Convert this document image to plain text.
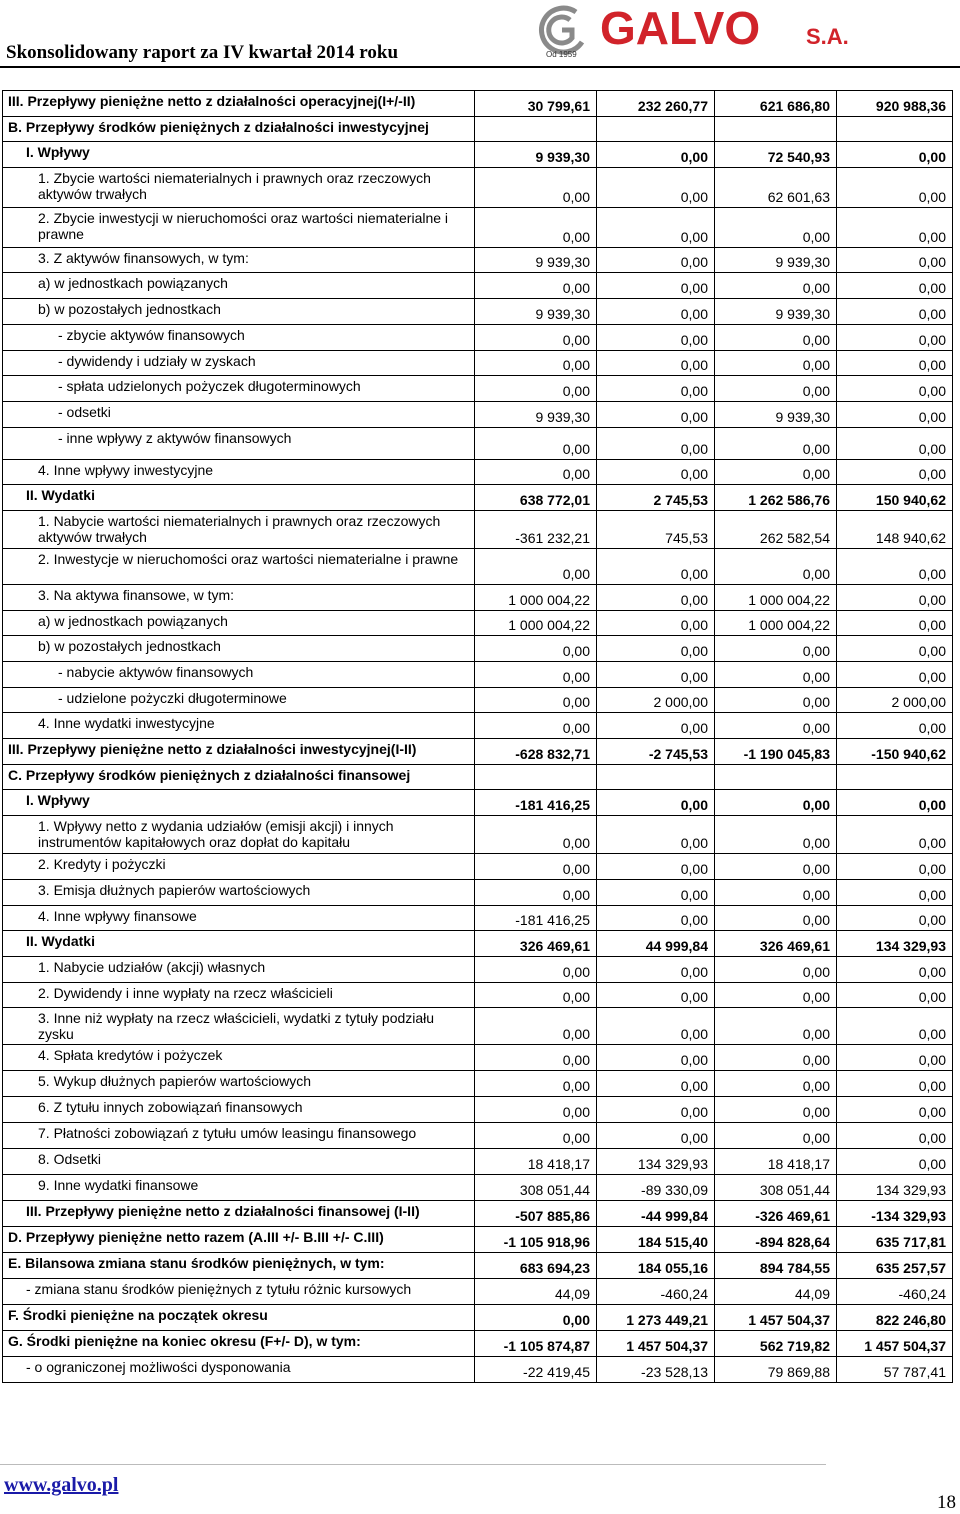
Skonsolidowany raport za IV kwartał 2014 roku	GALVO S.A.
Od 1959
III. Przepływy pieniężne netto z działalności operacyjnej(I+/-II)	30 799,61	232 260,77	621 686,80	920 988,36
B. Przepływy środków pieniężnych z działalności inwestycyjnej				
I. Wpływy	9 939,30	0,00	72 540,93	0,00
1. Zbycie wartości niematerialnych i prawnych oraz rzeczowych aktywów trwałych	0,00	0,00	62 601,63	0,00
2. Zbycie inwestycji w nieruchomości oraz wartości niematerialne i prawne	0,00	0,00	0,00	0,00
3. Z aktywów finansowych, w tym:	9 939,30	0,00	9 939,30	0,00
a) w jednostkach powiązanych	0,00	0,00	0,00	0,00
b) w pozostałych jednostkach	9 939,30	0,00	9 939,30	0,00
- zbycie aktywów finansowych	0,00	0,00	0,00	0,00
- dywidendy i udziały w zyskach	0,00	0,00	0,00	0,00
- spłata udzielonych pożyczek długoterminowych	0,00	0,00	0,00	0,00
- odsetki	9 939,30	0,00	9 939,30	0,00
- inne wpływy z aktywów finansowych	0,00	0,00	0,00	0,00
4. Inne wpływy inwestycyjne	0,00	0,00	0,00	0,00
II. Wydatki	638 772,01	2 745,53	1 262 586,76	150 940,62
1. Nabycie wartości niematerialnych i prawnych oraz rzeczowych aktywów trwałych	-361 232,21	745,53	262 582,54	148 940,62
2. Inwestycje w nieruchomości oraz wartości niematerialne i prawne	0,00	0,00	0,00	0,00
3. Na aktywa finansowe, w tym:	1 000 004,22	0,00	1 000 004,22	0,00
a) w jednostkach powiązanych	1 000 004,22	0,00	1 000 004,22	0,00
b) w pozostałych jednostkach	0,00	0,00	0,00	0,00
- nabycie aktywów finansowych	0,00	0,00	0,00	0,00
- udzielone pożyczki długoterminowe	0,00	2 000,00	0,00	2 000,00
4. Inne wydatki inwestycyjne	0,00	0,00	0,00	0,00
III. Przepływy pieniężne netto z działalności inwestycyjnej(I-II)	-628 832,71	-2 745,53	-1 190 045,83	-150 940,62
C. Przepływy środków pieniężnych z działalności finansowej				
I. Wpływy	-181 416,25	0,00	0,00	0,00
1. Wpływy netto z wydania udziałów (emisji akcji) i innych instrumentów kapitałowych oraz dopłat do kapitału	0,00	0,00	0,00	0,00
2. Kredyty i pożyczki	0,00	0,00	0,00	0,00
3. Emisja dłużnych papierów wartościowych	0,00	0,00	0,00	0,00
4. Inne wpływy finansowe	-181 416,25	0,00	0,00	0,00
II. Wydatki	326 469,61	44 999,84	326 469,61	134 329,93
1. Nabycie udziałów (akcji) własnych	0,00	0,00	0,00	0,00
2. Dywidendy i inne wypłaty na rzecz właścicieli	0,00	0,00	0,00	0,00
3. Inne niż wypłaty na rzecz właścicieli, wydatki z tytuły podziału zysku	0,00	0,00	0,00	0,00
4. Spłata kredytów i pożyczek	0,00	0,00	0,00	0,00
5. Wykup dłużnych papierów wartościowych	0,00	0,00	0,00	0,00
6. Z tytułu innych zobowiązań finansowych	0,00	0,00	0,00	0,00
7. Płatności zobowiązań z tytułu umów leasingu finansowego	0,00	0,00	0,00	0,00
8. Odsetki	18 418,17	134 329,93	18 418,17	0,00
9. Inne wydatki finansowe	308 051,44	-89 330,09	308 051,44	134 329,93
III. Przepływy pieniężne netto z działalności finansowej (I-II)	-507 885,86	-44 999,84	-326 469,61	-134 329,93
D. Przepływy pieniężne netto razem (A.III +/- B.III +/- C.III)	-1 105 918,96	184 515,40	-894 828,64	635 717,81
E. Bilansowa zmiana stanu środków pieniężnych, w tym:	683 694,23	184 055,16	894 784,55	635 257,57
- zmiana stanu środków pieniężnych z tytułu różnic kursowych	44,09	-460,24	44,09	-460,24
F. Środki pieniężne na początek okresu	0,00	1 273 449,21	1 457 504,37	822 246,80
G. Środki pieniężne na koniec okresu (F+/- D), w tym:	-1 105 874,87	1 457 504,37	562 719,82	1 457 504,37
- o ograniczonej możliwości dysponowania	-22 419,45	-23 528,13	79 869,88	57 787,41
www.galvo.pl
18
